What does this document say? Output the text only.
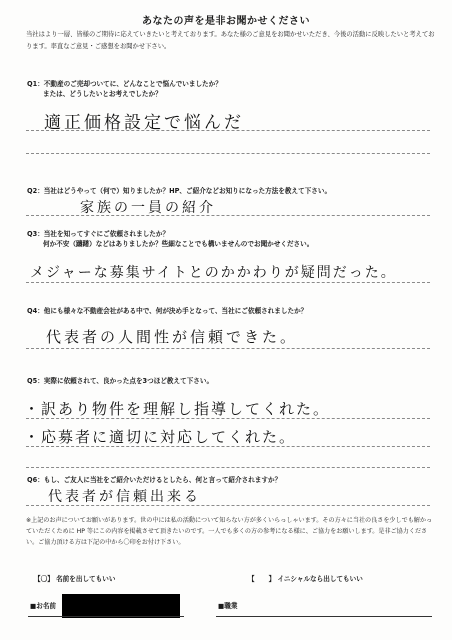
あなたの声を是非お聞かせください
当社はより一層、皆様のご期待に応えていきたいと考えております。あなた様のご意見をお聞かせいただき、今後の活動に反映したいと考えております。率直なご意見・ご感想をお聞かせ下さい。
Q1：不動産のご売却ついてに、どんなことで悩んでいましたか？
または、どうしたいとお考えでしたか？
適正価格設定で悩んだ
Q2：当社はどうやって（何で）知りましたか？HP、ご紹介などお知りになった方法を教えて下さい。
家族の一員の紹介
Q3：当社を知ってすぐにご依頼されましたか？
何か不安（躊躇）などはありましたか？些細なことでも構いませんのでお聞かせください。
メジャーな募集サイトとのかかわりが疑問だった。
Q4：他にも様々な不動産会社がある中で、何が決め手となって、当社にご依頼されましたか？
代表者の人間性が信頼できた。
Q5：実際に依頼されて、良かった点を3つほど教えて下さい。
・訳あり物件を理解し指導してくれた。
・応募者に適切に対応してくれた。
Q6：もし、ご友人に当社をご紹介いただけるとしたら、何と言って紹介されますか？
代表者が信頼出来る
※上記のお声についてお願いがあります。世の中には私の活動について知らない方が多くいらっしゃいます。その方々に当社の良さを少しでも解かっていただくために HP 等にこの内容を掲載させて頂きたいのです。一人でも多くの方の参考になる様に、ご協力をお願いします。是非ご協力ください。ご協力頂ける方は下記の中から〇印をお付け下さい。
【〇】 名前を出してもいい	【 】 イニシャルなら出してもいい
■お名前	■職業
